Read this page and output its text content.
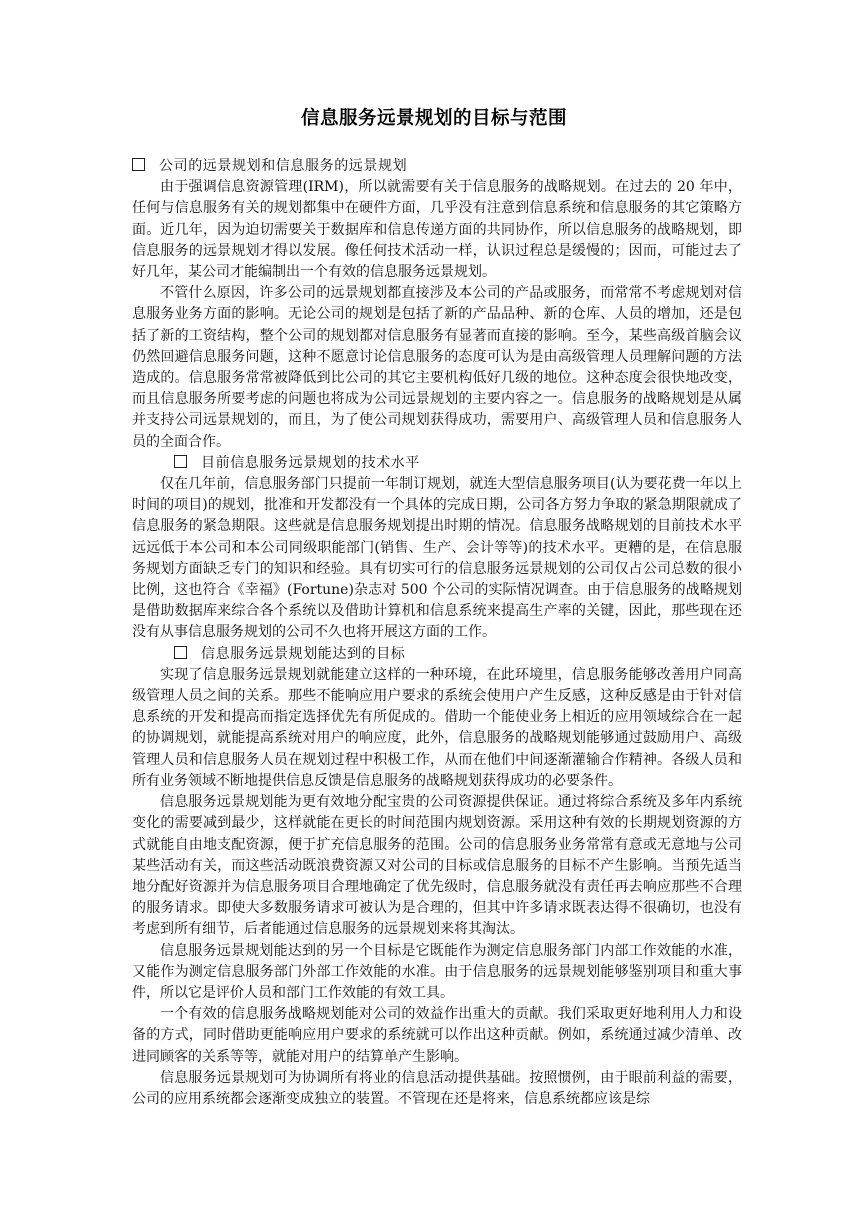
信息服务远景规划的目标与范围
公司的远景规划和信息服务的远景规划

由于强调信息资源管理(IRM)，所以就需要有关于信息服务的战略规划。在过去的 20 年中，任何与信息服务有关的规划都集中在硬件方面，几乎没有注意到信息系统和信息服务的其它策略方面。近几年，因为迫切需要关于数据库和信息传递方面的共同协作，所以信息服务的战略规划，即信息服务的远景规划才得以发展。像任何技术活动一样，认识过程总是缓慢的；因而，可能过去了好几年，某公司才能编制出一个有效的信息服务远景规划。

不管什么原因，许多公司的远景规划都直接涉及本公司的产品或服务，而常常不考虑规划对信息服务业务方面的影响。无论公司的规划是包括了新的产品品种、新的仓库、人员的增加，还是包括了新的工资结构，整个公司的规划都对信息服务有显著而直接的影响。至今，某些高级首脑会议仍然回避信息服务问题，这种不愿意讨论信息服务的态度可认为是由高级管理人员理解问题的方法造成的。信息服务常常被降低到比公司的其它主要机构低好几级的地位。这种态度会很快地改变，而且信息服务所要考虑的问题也将成为公司远景规划的主要内容之一。信息服务的战略规划是从属并支持公司远景规划的，而且，为了使公司规划获得成功，需要用户、高级管理人员和信息服务人员的全面合作。

目前信息服务远景规划的技术水平

仅在几年前，信息服务部门只提前一年制订规划，就连大型信息服务项目(认为要花费一年以上时间的项目)的规划，批准和开发都没有一个具体的完成日期，公司各方努力争取的紧急期限就成了信息服务的紧急期限。这些就是信息服务规划提出时期的情况。信息服务战略规划的目前技术水平远远低于本公司和本公司同级职能部门(销售、生产、会计等等)的技术水平。更糟的是，在信息服务规划方面缺乏专门的知识和经验。具有切实可行的信息服务远景规划的公司仅占公司总数的很小比例，这也符合《幸福》(Fortune)杂志对 500 个公司的实际情况调查。由于信息服务的战略规划是借助数据库来综合各个系统以及借助计算机和信息系统来提高生产率的关键，因此，那些现在还没有从事信息服务规划的公司不久也将开展这方面的工作。

信息服务远景规划能达到的目标

实现了信息服务远景规划就能建立这样的一种环境，在此环境里，信息服务能够改善用户同高级管理人员之间的关系。那些不能响应用户要求的系统会使用户产生反感，这种反感是由于针对信息系统的开发和提高而指定选择优先有所促成的。借助一个能使业务上相近的应用领域综合在一起的协调规划，就能提高系统对用户的响应度，此外，信息服务的战略规划能够通过鼓励用户、高级管理人员和信息服务人员在规划过程中积极工作，从而在他们中间逐渐灌输合作精神。各级人员和所有业务领域不断地提供信息反馈是信息服务的战略规划获得成功的必要条件。

信息服务远景规划能为更有效地分配宝贵的公司资源提供保证。通过将综合系统及多年内系统变化的需要减到最少，这样就能在更长的时间范围内规划资源。采用这种有效的长期规划资源的方式就能自由地支配资源，便于扩充信息服务的范围。公司的信息服务业务常常有意或无意地与公司某些活动有关，而这些活动既浪费资源又对公司的目标或信息服务的目标不产生影响。当预先适当地分配好资源并为信息服务项目合理地确定了优先级时，信息服务就没有责任再去响应那些不合理的服务请求。即使大多数服务请求可被认为是合理的，但其中许多请求既表达得不很确切，也没有考虑到所有细节，后者能通过信息服务的远景规划来将其淘汰。

信息服务远景规划能达到的另一个目标是它既能作为测定信息服务部门内部工作效能的水准，又能作为测定信息服务部门外部工作效能的水准。由于信息服务的远景规划能够鉴别项目和重大事件，所以它是评价人员和部门工作效能的有效工具。

一个有效的信息服务战略规划能对公司的效益作出重大的贡献。我们采取更好地利用人力和设备的方式，同时借助更能响应用户要求的系统就可以作出这种贡献。例如，系统通过减少清单、改进同顾客的关系等等，就能对用户的结算单产生影响。

信息服务远景规划可为协调所有将业的信息活动提供基础。按照惯例，由于眼前利益的需要，公司的应用系统都会逐渐变成独立的装置。不管现在还是将来，信息系统都应该是综
